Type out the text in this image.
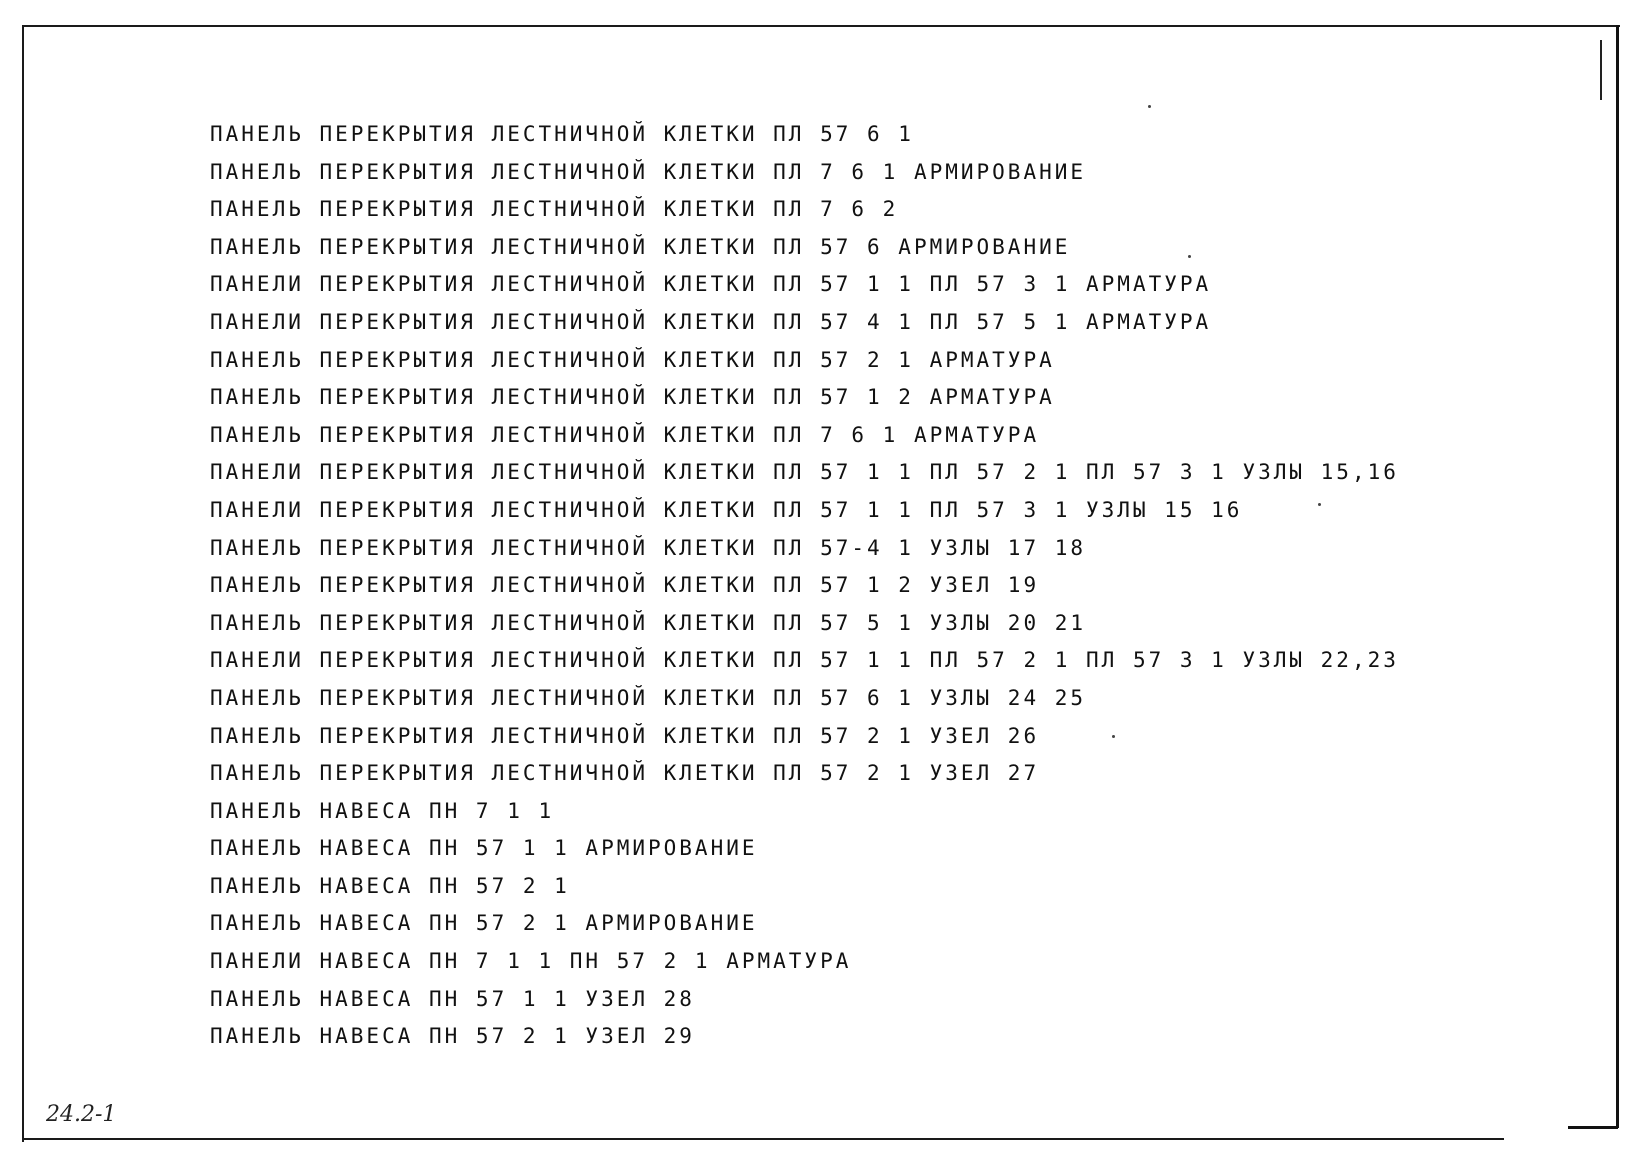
ПАНЕЛЬ ПЕРЕКРЫТИЯ ЛЕСТНИЧНОЙ КЛЕТКИ ПЛ 57 6 1
ПАНЕЛЬ ПЕРЕКРЫТИЯ ЛЕСТНИЧНОЙ КЛЕТКИ ПЛ 7 6 1 АРМИРОВАНИЕ
ПАНЕЛЬ ПЕРЕКРЫТИЯ ЛЕСТНИЧНОЙ КЛЕТКИ ПЛ 7 6 2
ПАНЕЛЬ ПЕРЕКРЫТИЯ ЛЕСТНИЧНОЙ КЛЕТКИ ПЛ 57 6 АРМИРОВАНИЕ
ПАНЕЛИ ПЕРЕКРЫТИЯ ЛЕСТНИЧНОЙ КЛЕТКИ ПЛ 57 1 1 ПЛ 57 3 1 АРМАТУРА
ПАНЕЛИ ПЕРЕКРЫТИЯ ЛЕСТНИЧНОЙ КЛЕТКИ ПЛ 57 4 1 ПЛ 57 5 1 АРМАТУРА
ПАНЕЛЬ ПЕРЕКРЫТИЯ ЛЕСТНИЧНОЙ КЛЕТКИ ПЛ 57 2 1 АРМАТУРА
ПАНЕЛЬ ПЕРЕКРЫТИЯ ЛЕСТНИЧНОЙ КЛЕТКИ ПЛ 57 1 2 АРМАТУРА
ПАНЕЛЬ ПЕРЕКРЫТИЯ ЛЕСТНИЧНОЙ КЛЕТКИ ПЛ 7 6 1 АРМАТУРА
ПАНЕЛИ ПЕРЕКРЫТИЯ ЛЕСТНИЧНОЙ КЛЕТКИ ПЛ 57 1 1 ПЛ 57 2 1 ПЛ 57 3 1 УЗЛЫ 15,16
ПАНЕЛИ ПЕРЕКРЫТИЯ ЛЕСТНИЧНОЙ КЛЕТКИ ПЛ 57 1 1 ПЛ 57 3 1 УЗЛЫ 15 16
ПАНЕЛЬ ПЕРЕКРЫТИЯ ЛЕСТНИЧНОЙ КЛЕТКИ ПЛ 57-4 1 УЗЛЫ 17 18
ПАНЕЛЬ ПЕРЕКРЫТИЯ ЛЕСТНИЧНОЙ КЛЕТКИ ПЛ 57 1 2 УЗЕЛ 19
ПАНЕЛЬ ПЕРЕКРЫТИЯ ЛЕСТНИЧНОЙ КЛЕТКИ ПЛ 57 5 1 УЗЛЫ 20 21
ПАНЕЛИ ПЕРЕКРЫТИЯ ЛЕСТНИЧНОЙ КЛЕТКИ ПЛ 57 1 1 ПЛ 57 2 1 ПЛ 57 3 1 УЗЛЫ 22,23
ПАНЕЛЬ ПЕРЕКРЫТИЯ ЛЕСТНИЧНОЙ КЛЕТКИ ПЛ 57 6 1 УЗЛЫ 24 25
ПАНЕЛЬ ПЕРЕКРЫТИЯ ЛЕСТНИЧНОЙ КЛЕТКИ ПЛ 57 2 1 УЗЕЛ 26
ПАНЕЛЬ ПЕРЕКРЫТИЯ ЛЕСТНИЧНОЙ КЛЕТКИ ПЛ 57 2 1 УЗЕЛ 27
ПАНЕЛЬ НАВЕСА ПН 7 1 1
ПАНЕЛЬ НАВЕСА ПН 57 1 1 АРМИРОВАНИЕ
ПАНЕЛЬ НАВЕСА ПН 57 2 1
ПАНЕЛЬ НАВЕСА ПН 57 2 1 АРМИРОВАНИЕ
ПАНЕЛИ НАВЕСА ПН 7 1 1 ПН 57 2 1 АРМАТУРА
ПАНЕЛЬ НАВЕСА ПН 57 1 1 УЗЕЛ 28
ПАНЕЛЬ НАВЕСА ПН 57 2 1 УЗЕЛ 29
24.2-1
